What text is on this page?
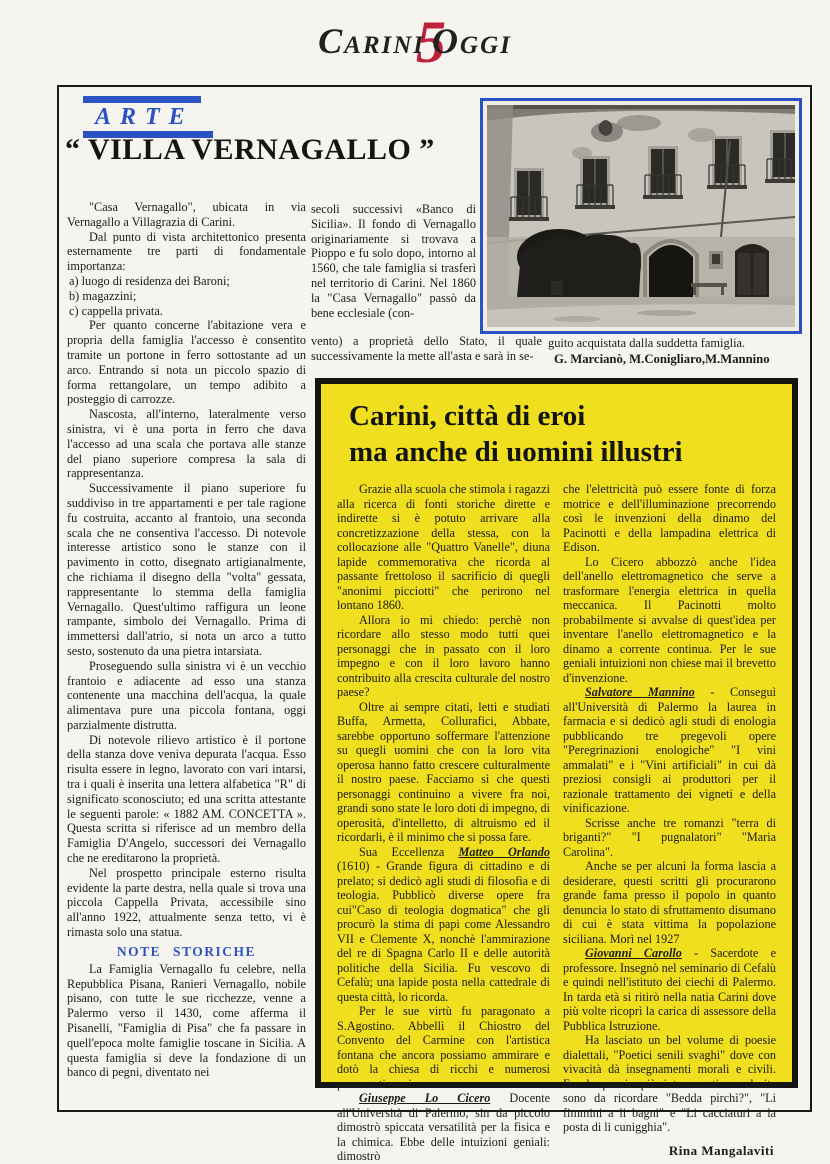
Carini5Oggi
ARTE
“ VILLA VERNAGALLO ”

"Casa Vernagallo", ubicata in via Vernagallo a Villagrazia di Carini.

Dal punto di vista architettonico presenta esternamente tre parti di fondamentale importanza:

a) luogo di residenza dei Baroni;

b) magazzini;

c) cappella privata.

Per quanto concerne l'abitazione vera e propria della famiglia l'accesso è consentito tramite un portone in ferro sottostante ad un arco. Entrando si nota un piccolo spazio di forma rettangolare, un tempo adibito a posteggio di carrozze.

Nascosta, all'interno, lateralmente verso sinistra, vi è una porta in ferro che dava l'accesso ad una scala che portava alle stanze del piano superiore compresa la sala di rappresentanza.

Successivamente il piano superiore fu suddiviso in tre appartamenti e per tale ragione fu costruita, accanto al frantoio, una seconda scala che ne consentiva l'accesso. Di notevole interesse artistico sono le stanze con il pavimento in cotto, disegnato artigianalmente, che richiama il disegno della "volta" gessata, rappresentante lo stemma della famiglia Vernagallo. Quest'ultimo raffigura un leone rampante, simbolo dei Vernagallo. Prima di immettersi dall'atrio, si nota un arco a tutto sesto, sostenuto da una pietra intarsiata.

Proseguendo sulla sinistra vi è un vecchio frantoio e adiacente ad esso una stanza contenente una macchina dell'acqua, la quale alimentava pure una piccola fontana, oggi parzialmente distrutta.

Di notevole rilievo artistico è il portone della stanza dove veniva depurata l'acqua. Esso risulta essere in legno, lavorato con vari intarsi, tra i quali è inserita una lettera alfabetica "R" di significato sconosciuto; ed una scritta attestante le seguenti parole: « 1882 AM. CONCETTA ». Questa scritta si riferisce ad un membro della Famiglia D'Angelo, successori dei Vernagallo che ne ereditarono la proprietà.

Nel prospetto principale esterno risulta evidente la parte destra, nella quale si trova una piccola Cappella Privata, accessibile sino all'anno 1922, attualmente senza tetto, vi è rimasta solo una statua.

NOTE STORICHE

La Famiglia Vernagallo fu celebre, nella Repubblica Pisana, Ranieri Vernagallo, nobile pisano, con tutte le sue ricchezze, venne a Palermo verso il 1430, come afferma il Pisanelli, "Famiglia di Pisa" che fa passare in quell'epoca molte famiglie toscane in Sicilia. A questa famiglia si deve la fondazione di un banco di pegni, diventato nei

secoli successivi «Banco di Sicilia». Il fondo di Vernagallo originariamente si trovava a Pioppo e fu solo dopo, intorno al 1560, che tale famiglia si trasferì nel territorio di Carini. Nel 1860 la "Casa Vernagallo" passò da bene ecclesiale (con-

vento) a proprietà dello Stato, il quale successivamente la mette all'asta e sarà in se-

guito acquistata dalla suddetta famiglia.

G. Marcianò, M.Conigliaro,M.Mannino

Carini, città di eroi
ma anche di uomini illustri

Grazie alla scuola che stimola i ragazzi alla ricerca di fonti storiche dirette e indirette si è potuto arrivare alla concretizzazione della stessa, con la collocazione alle "Quattro Vanelle", diuna lapide commemorativa che ricorda al passante frettoloso il sacrificio di quegli "anonimi picciotti" che perirono nel lontano 1860.

Allora io mi chiedo: perchè non ricordare allo stesso modo tutti quei personaggi che in passato con il loro impegno e con il loro lavoro hanno contribuito alla crescita culturale del nostro paese?

Oltre ai sempre citati, letti e studiati Buffa, Armetta, Collurafici, Abbate, sarebbe opportuno soffermare l'attenzione su quegli uomini che con la loro vita operosa hanno fatto crescere culturalmente il nostro paese. Facciamo sì che questi personaggi continuino a vivere fra noi, grandi sono state le loro doti di impegno, di operosità, d'intelletto, di altruismo ed il ricordarli, è il minimo che si possa fare.

Sua Eccellenza Matteo Orlando (1610) - Grande figura di cittadino e di prelato; si dedicò agli studi di filosofia e di teologia. Pubblicò diverse opere fra cui"Caso di teologia dogmatica" che gli procurò la stima di papi come Alessandro VII e Clemente X, nonchè l'ammirazione del re di Spagna Carlo II e delle autorità politiche della Sicilia. Fu vescovo di Cefalù; una lapide posta nella cattedrale di questa città, lo ricorda.

Per le sue virtù fu paragonato a S.Agostino. Abbellì il Chiostro del Convento del Carmine con l'artistica fontana che ancora possiamo ammirare e dotò la chiesa di ricchi e numerosi paramenti sacri.

Giuseppe Lo Cicero Docente all'Università di Palermo, sin da piccolo dimostrò spiccata versatilità per la fisica e la chimica. Ebbe delle intuizioni geniali: dimostrò

che l'elettricità può essere fonte di forza motrice e dell'illuminazione precorrendo così le invenzioni della dinamo del Pacinotti e della lampadina elettrica di Edison.

Lo Cicero abbozzò anche l'idea dell'anello elettromagnetico che serve a trasformare l'energia elettrica in quella meccanica. Il Pacinotti molto probabilmente si avvalse di quest'idea per inventare l'anello elettromagnetico e la dinamo a corrente continua. Per le sue geniali intuizioni non chiese mai il brevetto d'invenzione.

Salvatore Mannino - Conseguì all'Università di Palermo la laurea in farmacia e si dedicò agli studi di enologia pubblicando tre pregevoli opere "Peregrinazioni enologiche" "I vini ammalati" e i "Vini artificiali" in cui dà preziosi consigli ai produttori per il razionale trattamento dei vigneti e della vinificazione.

Scrisse anche tre romanzi "terra di briganti?" "I pugnalatori" "Maria Carolina".

Anche se per alcuni la forma lascia a desiderare, questi scritti gli procurarono grande fama presso il popolo in quanto denuncia lo stato di sfruttamento disumano di cui è stata vittima la popolazione siciliana. Morì nel 1927

Giovanni Carollo - Sacerdote e professore. Insegnò nel seminario di Cefalù e quindi nell'istituto dei ciechi di Palermo. In tarda età si ritirò nella natia Carini dove più volte ricoprì la carica di assessore della Pubblica Istruzione.

Ha lasciato un bel volume di poesie dialettali, "Poetici senili svaghi" dove con vivacità dà insegnamenti morali e civili. Fra le poesie più interessanti e colorite sono da ricordare "Bedda pirchì?", "Li fimmini a li bagni" e "Li cacciaturi a la posta di li cunigghia".

Rina Mangalaviti
